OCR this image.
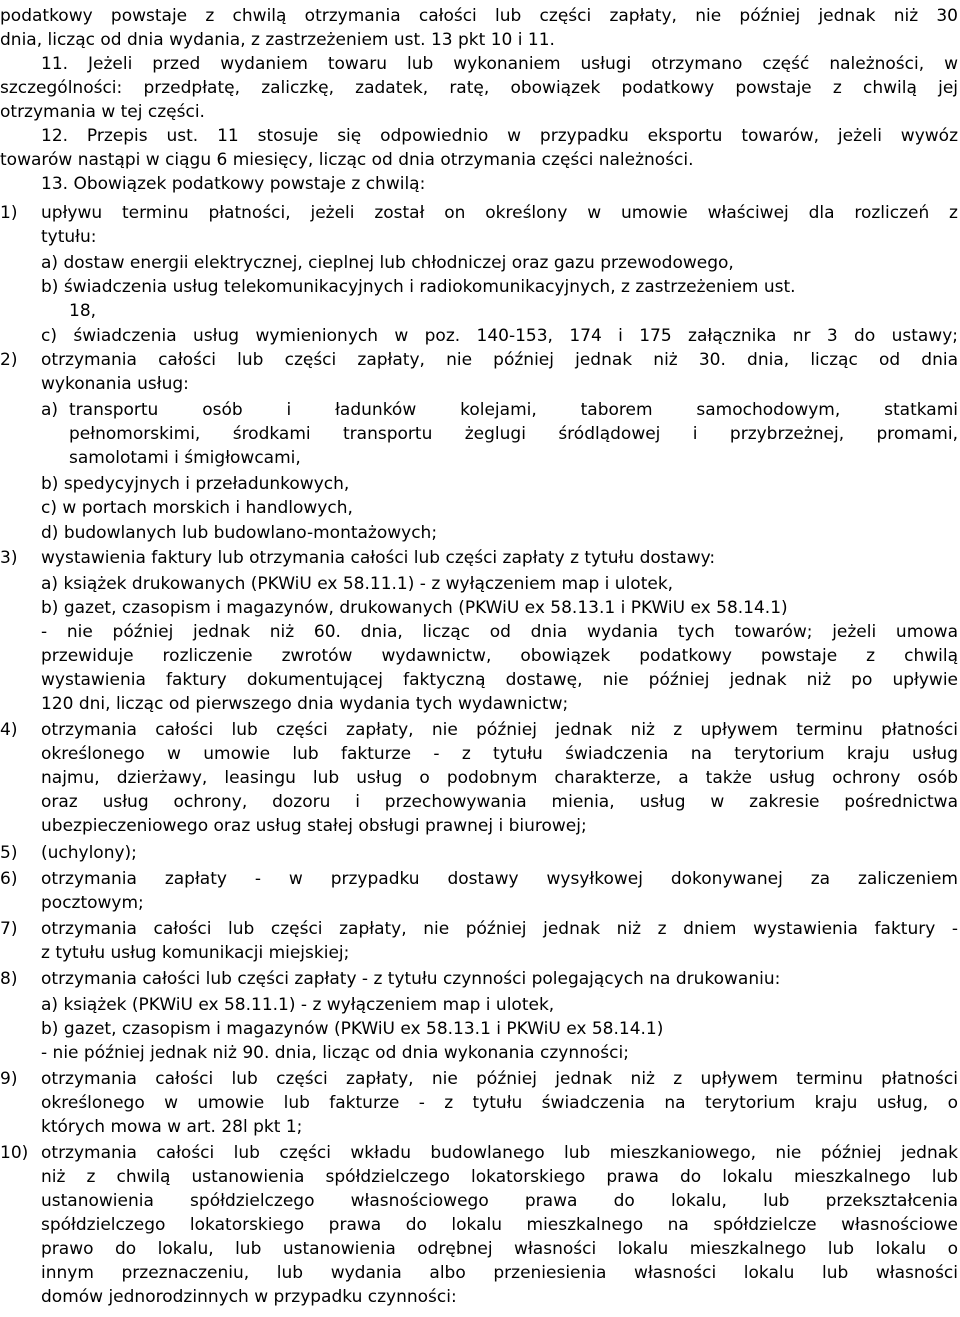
podatkowy powstaje z chwilą otrzymania całości lub części zapłaty, nie później jednak niż 30
dnia, licząc od dnia wydania, z zastrzeżeniem ust. 13 pkt 10 i 11.
11. Jeżeli przed wydaniem towaru lub wykonaniem usługi otrzymano część należności, w
szczególności: przedpłatę, zaliczkę, zadatek, ratę, obowiązek podatkowy powstaje z chwilą jej
otrzymania w tej części.
12. Przepis ust. 11 stosuje się odpowiednio w przypadku eksportu towarów, jeżeli wywóz
towarów nastąpi w ciągu 6 miesięcy, licząc od dnia otrzymania części należności.
13. Obowiązek podatkowy powstaje z chwilą:
1)	upływu terminu płatności, jeżeli został on określony w umowie właściwej dla rozliczeń z
tytułu:
a) dostaw energii elektrycznej, cieplnej lub chłodniczej oraz gazu przewodowego,
b) świadczenia usług telekomunikacyjnych i radiokomunikacyjnych, z zastrzeżeniem ust.
18,
c) świadczenia usług wymienionych w poz. 140-153, 174 i 175 załącznika nr 3 do ustawy;
2)	otrzymania całości lub części zapłaty, nie później jednak niż 30. dnia, licząc od dnia
wykonania usług:
a) transportu osób i ładunków kolejami, taborem samochodowym, statkami
pełnomorskimi, środkami transportu żeglugi śródlądowej i przybrzeżnej, promami,
samolotami i śmigłowcami,
b) spedycyjnych i przeładunkowych,
c) w portach morskich i handlowych,
d) budowlanych lub budowlano-montażowych;
3)	wystawienia faktury lub otrzymania całości lub części zapłaty z tytułu dostawy:
a) książek drukowanych (PKWiU ex 58.11.1) - z wyłączeniem map i ulotek,
b) gazet, czasopism i magazynów, drukowanych (PKWiU ex 58.13.1 i PKWiU ex 58.14.1)
- nie później jednak niż 60. dnia, licząc od dnia wydania tych towarów; jeżeli umowa
przewiduje rozliczenie zwrotów wydawnictw, obowiązek podatkowy powstaje z chwilą
wystawienia faktury dokumentującej faktyczną dostawę, nie później jednak niż po upływie
120 dni, licząc od pierwszego dnia wydania tych wydawnictw;
4)	otrzymania całości lub części zapłaty, nie później jednak niż z upływem terminu płatności
określonego w umowie lub fakturze - z tytułu świadczenia na terytorium kraju usług
najmu, dzierżawy, leasingu lub usług o podobnym charakterze, a także usług ochrony osób
oraz usług ochrony, dozoru i przechowywania mienia, usług w zakresie pośrednictwa
ubezpieczeniowego oraz usług stałej obsługi prawnej i biurowej;
5)	(uchylony);
6)	otrzymania zapłaty - w przypadku dostawy wysyłkowej dokonywanej za zaliczeniem
pocztowym;
7)	otrzymania całości lub części zapłaty, nie później jednak niż z dniem wystawienia faktury -
z tytułu usług komunikacji miejskiej;
8)	otrzymania całości lub części zapłaty - z tytułu czynności polegających na drukowaniu:
a) książek (PKWiU ex 58.11.1) - z wyłączeniem map i ulotek,
b) gazet, czasopism i magazynów (PKWiU ex 58.13.1 i PKWiU ex 58.14.1)
- nie później jednak niż 90. dnia, licząc od dnia wykonania czynności;
9)	otrzymania całości lub części zapłaty, nie później jednak niż z upływem terminu płatności
określonego w umowie lub fakturze - z tytułu świadczenia na terytorium kraju usług, o
których mowa w art. 28l pkt 1;
10) otrzymania całości lub części wkładu budowlanego lub mieszkaniowego, nie później jednak
niż z chwilą ustanowienia spółdzielczego lokatorskiego prawa do lokalu mieszkalnego lub
ustanowienia spółdzielczego własnościowego prawa do lokalu, lub przekształcenia
spółdzielczego lokatorskiego prawa do lokalu mieszkalnego na spółdzielcze własnościowe
prawo do lokalu, lub ustanowienia odrębnej własności lokalu mieszkalnego lub lokalu o
innym przeznaczeniu, lub wydania albo przeniesienia własności lokalu lub własności
domów jednorodzinnych w przypadku czynności:
